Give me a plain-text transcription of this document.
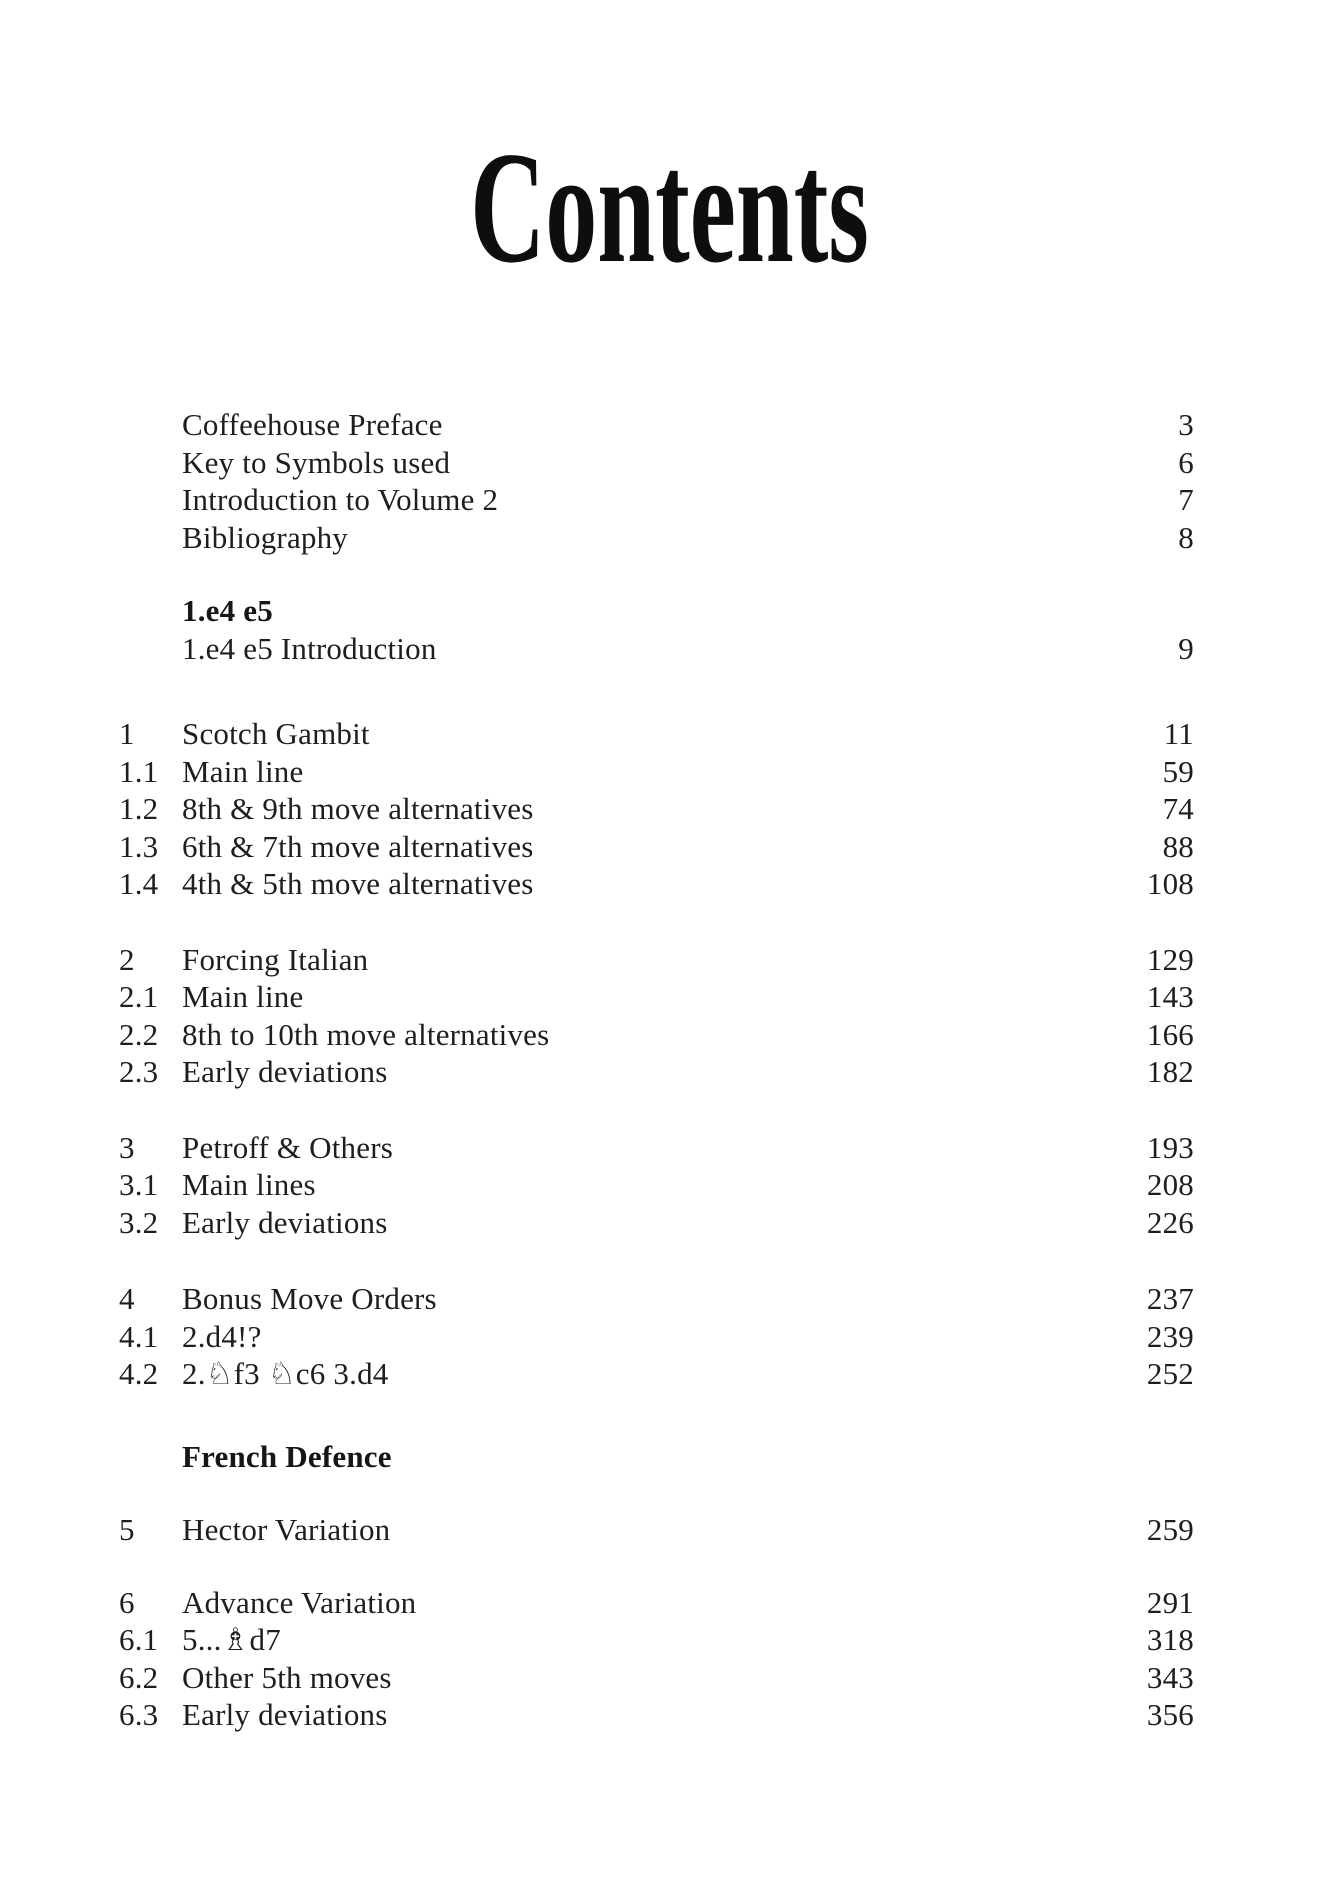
Contents
Coffeehouse Preface	3
Key to Symbols used	6
Introduction to Volume 2	7
Bibliography	8
1.e4 e5
1.e4 e5 Introduction	9
1	Scotch Gambit	11
1.1 Main line	59
1.2 8th & 9th move alternatives	74
1.3 6th & 7th move alternatives	88
1.4 4th & 5th move alternatives	108
2	Forcing Italian	129
2.1 Main line	143
2.2 8th to 10th move alternatives	166
2.3 Early deviations	182
3	Petroff & Others	193
3.1 Main lines	208
3.2 Early deviations	226
4	Bonus Move Orders	237
4.1 2.d4!?	239
4.2 2.♘f3 ♘c6 3.d4	252
French Defence
5	Hector Variation	259
6	Advance Variation	291
6.1 5...♗d7	318
6.2 Other 5th moves	343
6.3 Early deviations	356
